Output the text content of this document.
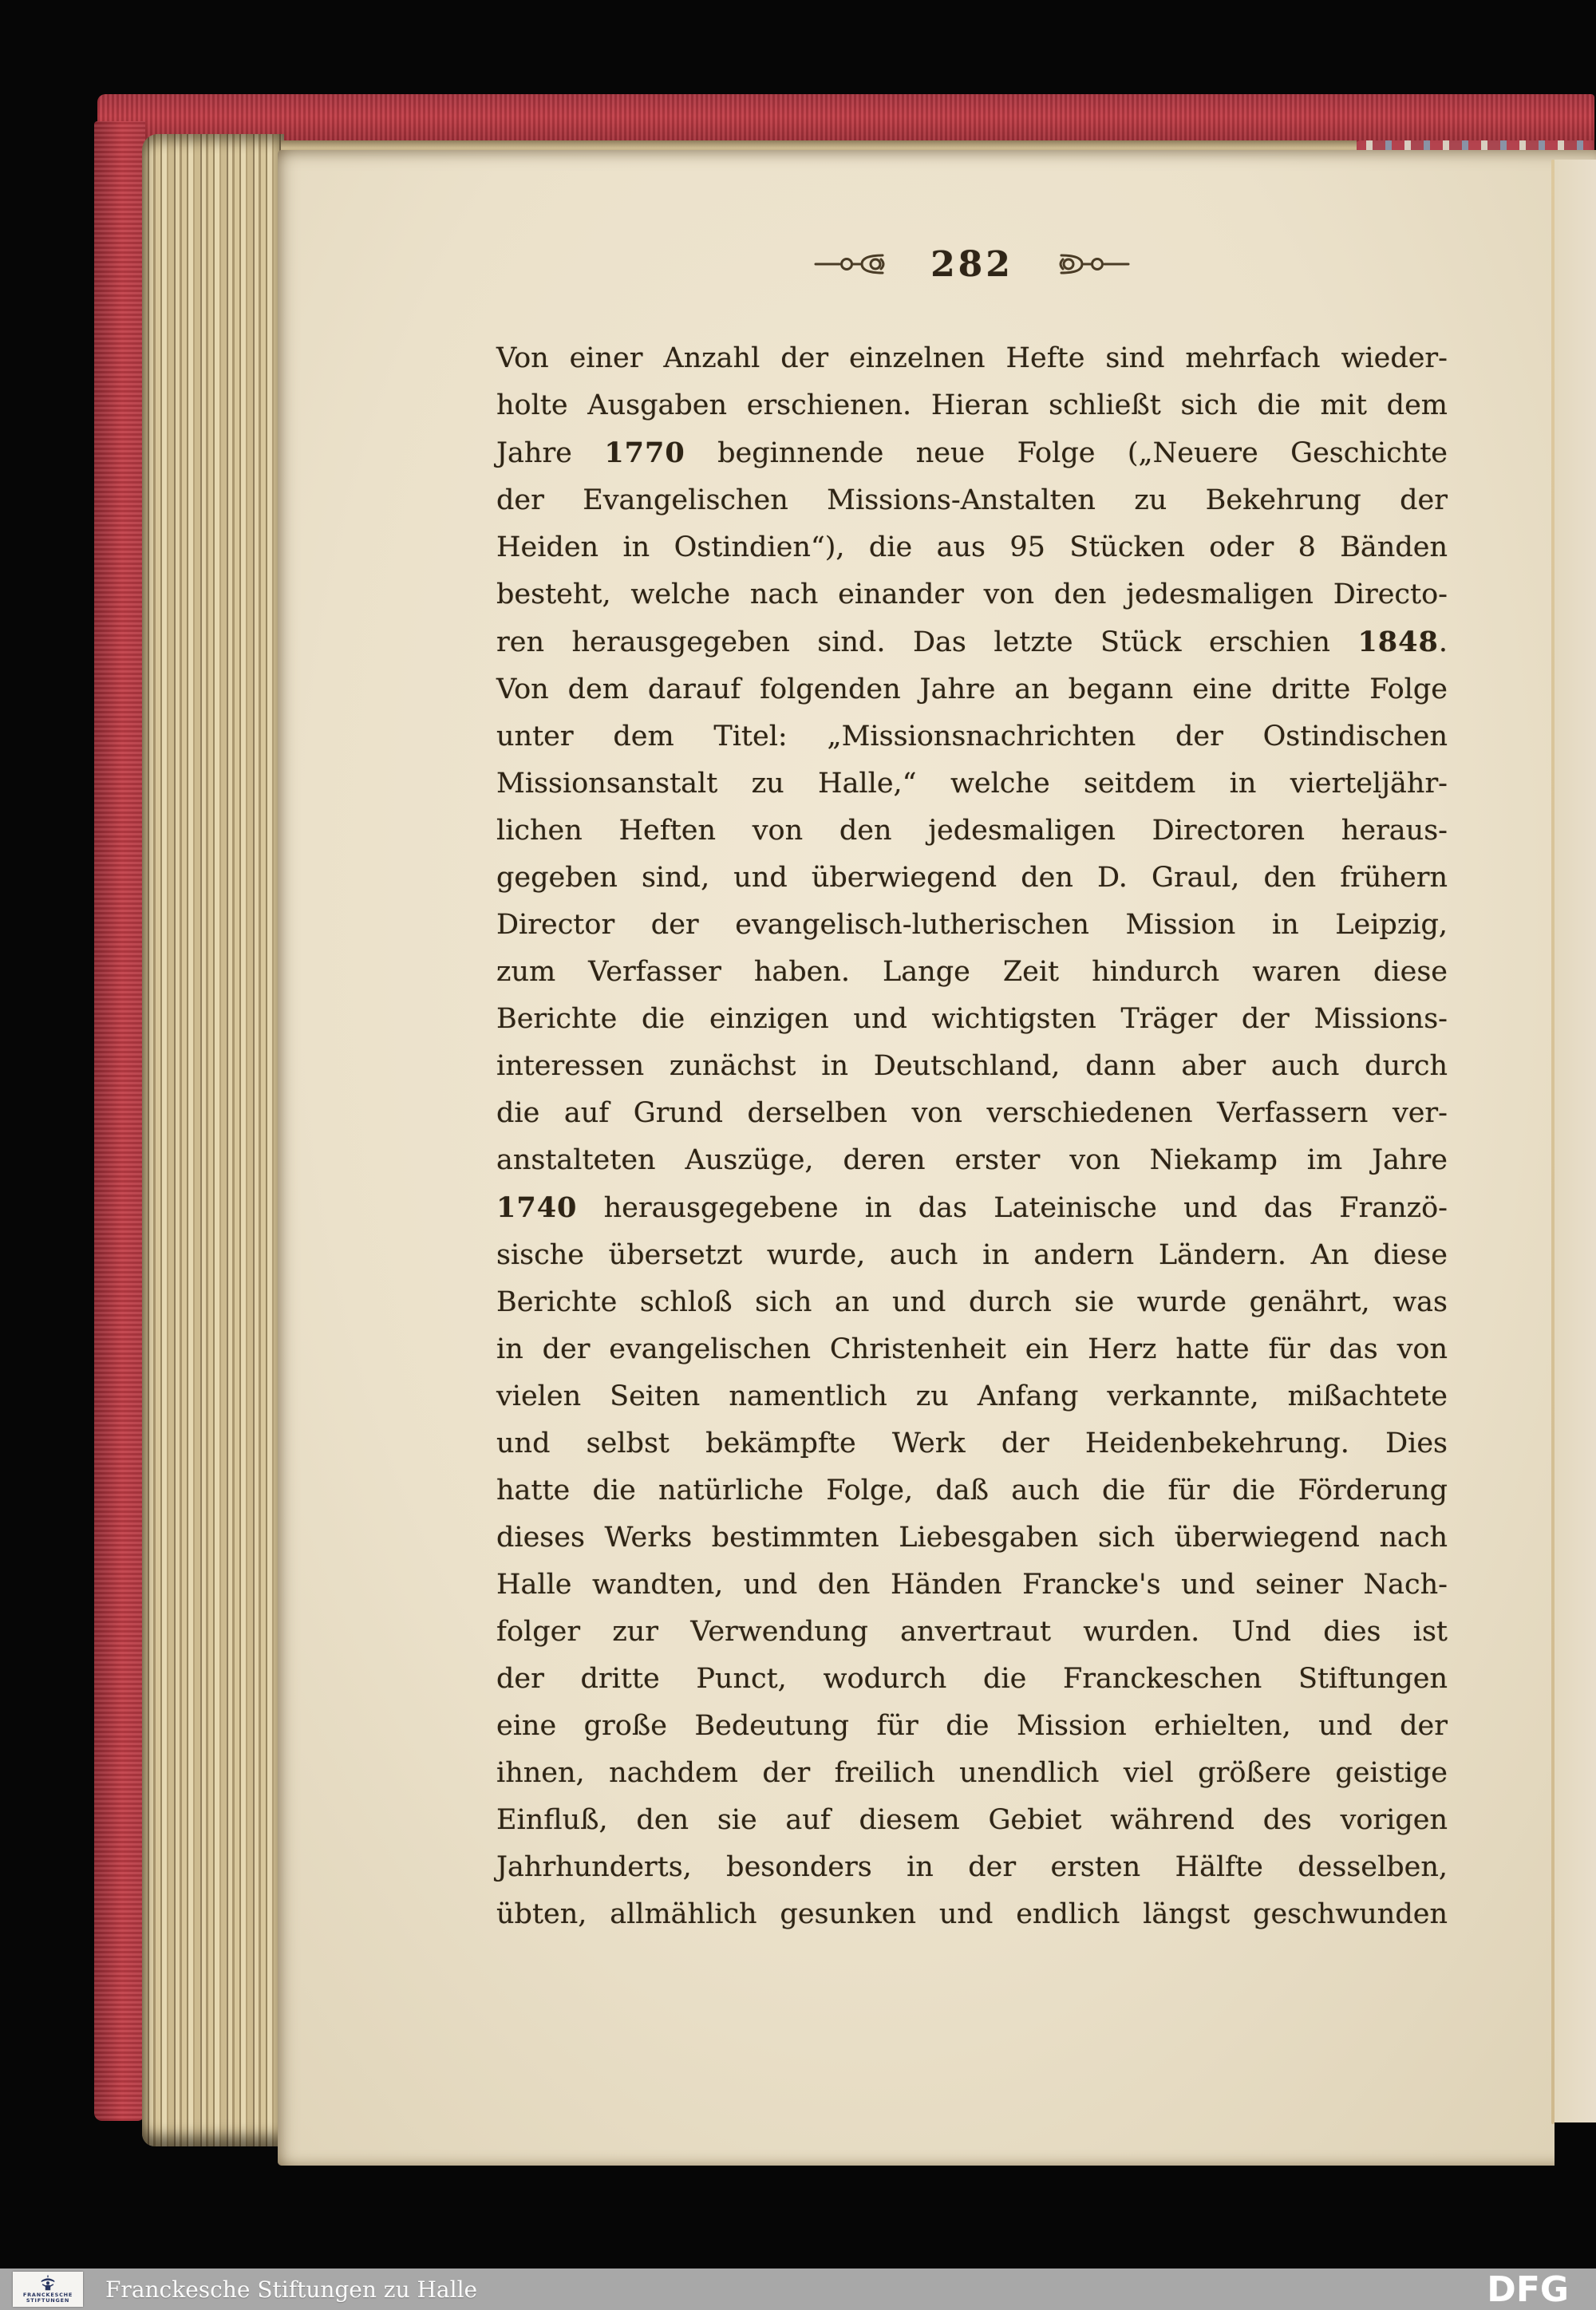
282
Von einer Anzahl der einzelnen Hefte sind mehrfach wieder-
holte Ausgaben erschienen. Hieran schließt sich die mit dem
Jahre 1770 beginnende neue Folge („Neuere Geschichte
der Evangelischen Missions-Anstalten zu Bekehrung der
Heiden in Ostindien“), die aus 95 Stücken oder 8 Bänden
besteht, welche nach einander von den jedesmaligen Directo-
ren herausgegeben sind. Das letzte Stück erschien 1848.
Von dem darauf folgenden Jahre an begann eine dritte Folge
unter dem Titel: „Missionsnachrichten der Ostindischen
Missionsanstalt zu Halle,“ welche seitdem in vierteljähr-
lichen Heften von den jedesmaligen Directoren heraus-
gegeben sind, und überwiegend den D. Graul, den frühern
Director der evangelisch-lutherischen Mission in Leipzig,
zum Verfasser haben. Lange Zeit hindurch waren diese
Berichte die einzigen und wichtigsten Träger der Missions-
interessen zunächst in Deutschland, dann aber auch durch
die auf Grund derselben von verschiedenen Verfassern ver-
anstalteten Auszüge, deren erster von Niekamp im Jahre
1740 herausgegebene in das Lateinische und das Franzö-
sische übersetzt wurde, auch in andern Ländern. An diese
Berichte schloß sich an und durch sie wurde genährt, was
in der evangelischen Christenheit ein Herz hatte für das von
vielen Seiten namentlich zu Anfang verkannte, mißachtete
und selbst bekämpfte Werk der Heidenbekehrung. Dies
hatte die natürliche Folge, daß auch die für die Förderung
dieses Werks bestimmten Liebesgaben sich überwiegend nach
Halle wandten, und den Händen Francke's und seiner Nach-
folger zur Verwendung anvertraut wurden. Und dies ist
der dritte Punct, wodurch die Franckeschen Stiftungen
eine große Bedeutung für die Mission erhielten, und der
ihnen, nachdem der freilich unendlich viel größere geistige
Einfluß, den sie auf diesem Gebiet während des vorigen
Jahrhunderts, besonders in der ersten Hälfte desselben,
übten, allmählich gesunken und endlich längst geschwunden
FRANCKESCHE
STIFTUNGEN Franckesche Stiftungen zu Halle	DFG
